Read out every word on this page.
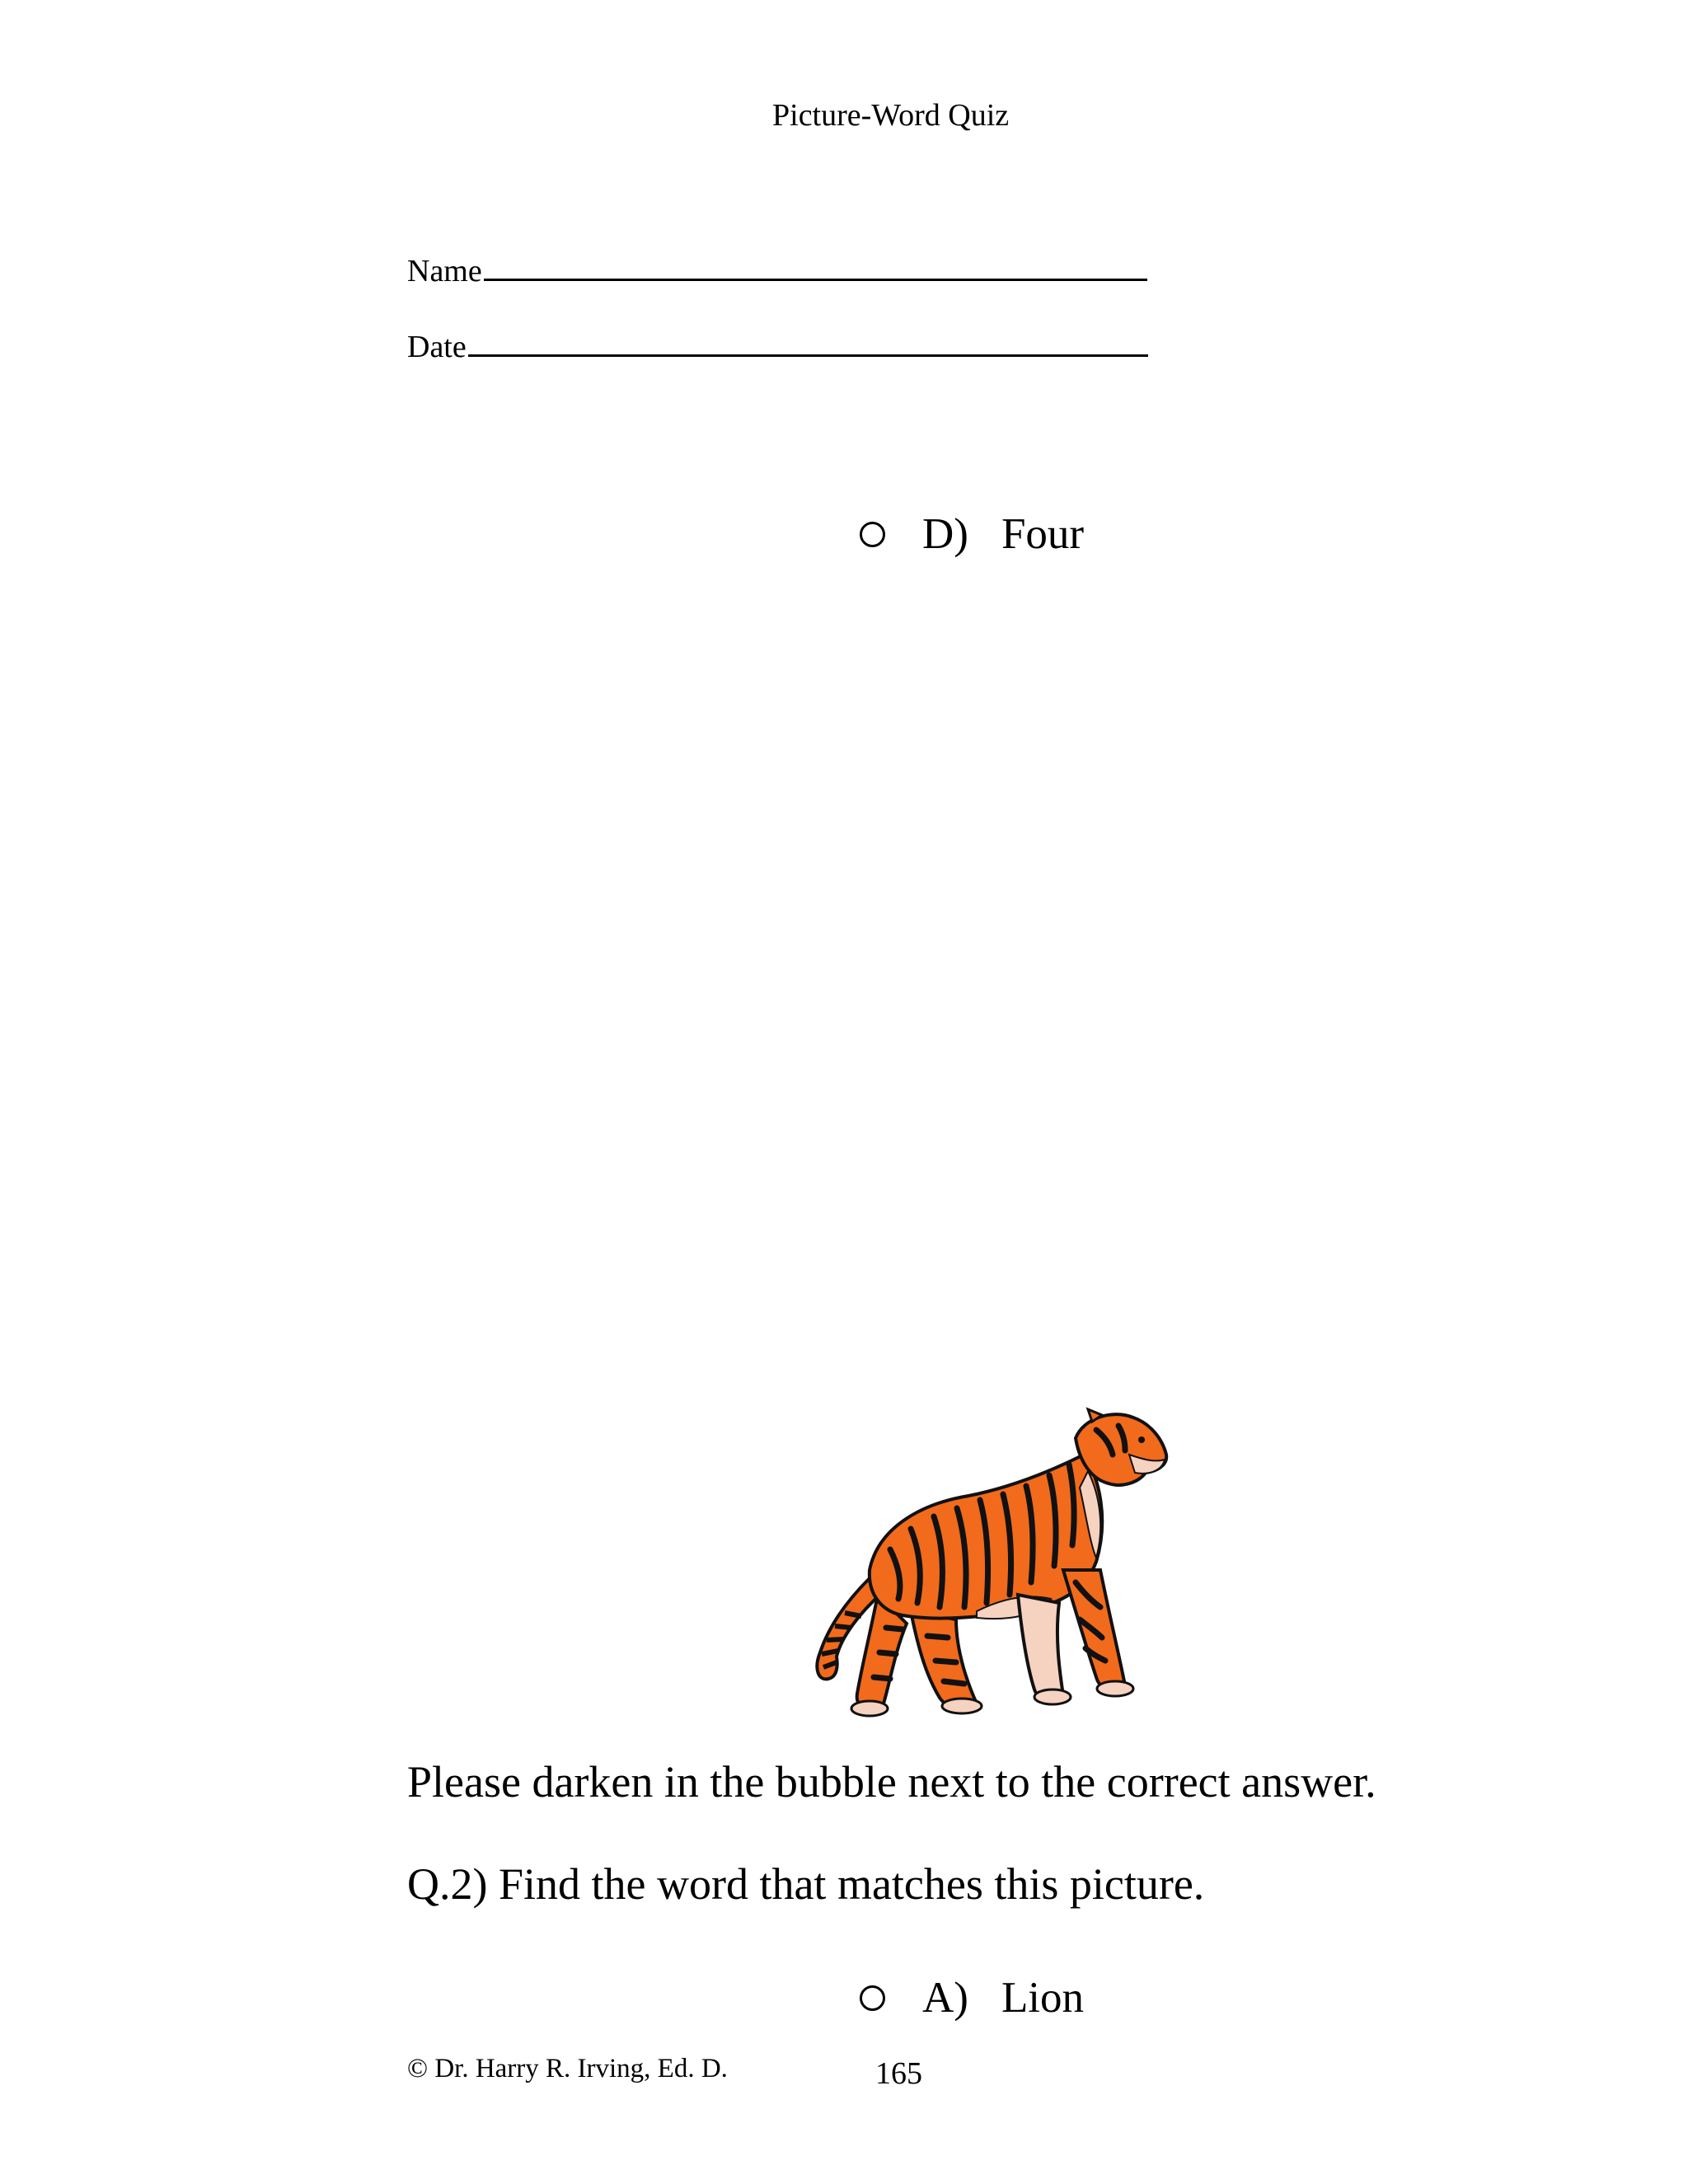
Picture-Word Quiz
Name
Date
D) Four
Please darken in the bubble next to the correct answer.
Q.2) Find the word that matches this picture.
A) Lion
© Dr. Harry R. Irving, Ed. D.	165
